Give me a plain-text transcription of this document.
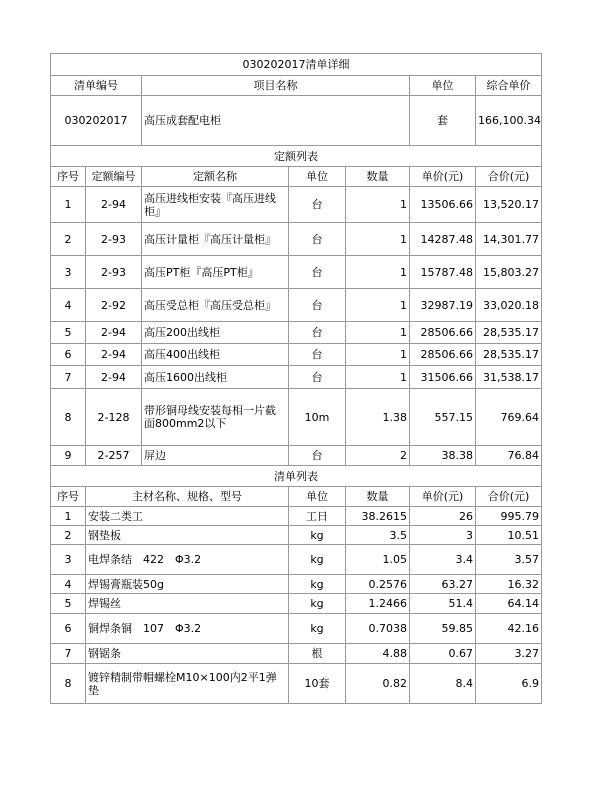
030202017清单详细						
清单编号		项目名称			单位	综合单价
030202017		高压成套配电柜			套	166,100.34
定额列表						
序号	定额编号	定额名称	单位	数量	单价(元)	合价(元)
1	2-94	高压进线柜安装『高压进线柜』	台	1	13506.66	13,520.17
2	2-93	高压计量柜『高压计量柜』	台	1	14287.48	14,301.77
3	2-93	高压PT柜『高压PT柜』	台	1	15787.48	15,803.27
4	2-92	高压受总柜『高压受总柜』	台	1	32987.19	33,020.18
5	2-94	高压200出线柜	台	1	28506.66	28,535.17
6	2-94	高压400出线柜	台	1	28506.66	28,535.17
7	2-94	高压1600出线柜	台	1	31506.66	31,538.17
8	2-128	带形铜母线安装每相一片截面800mm2以下	10m	1.38	557.15	769.64
9	2-257	屏边	台	2	38.38	76.84
清单列表						
序号	主材名称、规格、型号		单位	数量	单价(元)	合价(元)
1	安装二类工		工日	38.2615	26	995.79
2	钢垫板		kg	3.5	3	10.51
3	电焊条结　422　Φ3.2		kg	1.05	3.4	3.57
4	焊锡膏瓶装50g		kg	0.2576	63.27	16.32
5	焊锡丝		kg	1.2466	51.4	64.14
6	铜焊条铜　107　Φ3.2		kg	0.7038	59.85	42.16
7	钢锯条		根	4.88	0.67	3.27
8	镀锌精制带帽螺栓M10×100内2平1弹垫		10套	0.82	8.4	6.9
